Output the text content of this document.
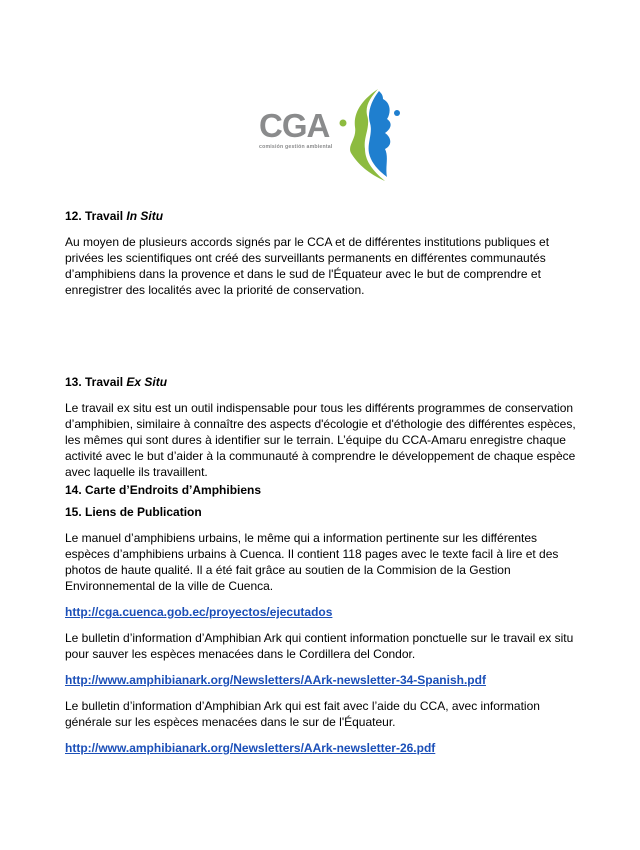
CGA
comisión gestión ambiental
12. Travail In Situ

Au moyen de plusieurs accords signés par le CCA et de différentes institutions publiques et privées les scientifiques ont créé des surveillants permanents en différentes communautés d’amphibiens dans la provence et dans le sud de l'Équateur avec le but de comprendre et enregistrer des localités avec la priorité de conservation.

13. Travail Ex Situ

Le travail ex situ est un outil indispensable pour tous les différents programmes de conservation d’amphibien, similaire à connaître des aspects d'écologie et d'éthologie des différentes espèces, les mêmes qui sont dures à identifier sur le terrain. L’équipe du CCA-Amaru enregistre chaque activité avec le but d’aider à la communauté à comprendre le développement de chaque espèce avec laquelle ils travaillent.

14. Carte d’Endroits d’Amphibiens
15. Liens de Publication

Le manuel d’amphibiens urbains, le même qui a information pertinente sur les différentes espèces d’amphibiens urbains à Cuenca. Il contient 118 pages avec le texte facil à lire et des photos de haute qualité. Il a été fait grâce au soutien de la Commision de la Gestion Environnemental de la ville de Cuenca.

http://cga.cuenca.gob.ec/proyectos/ejecutados

Le bulletin d’information d’Amphibian Ark qui contient information ponctuelle sur le travail ex situ pour sauver les espèces menacées dans le Cordillera del Condor.

http://www.amphibianark.org/Newsletters/AArk-newsletter-34-Spanish.pdf

Le bulletin d’information d’Amphibian Ark qui est fait avec l’aide du CCA, avec information générale sur les espèces menacées dans le sur de l'Équateur.

http://www.amphibianark.org/Newsletters/AArk-newsletter-26.pdf
